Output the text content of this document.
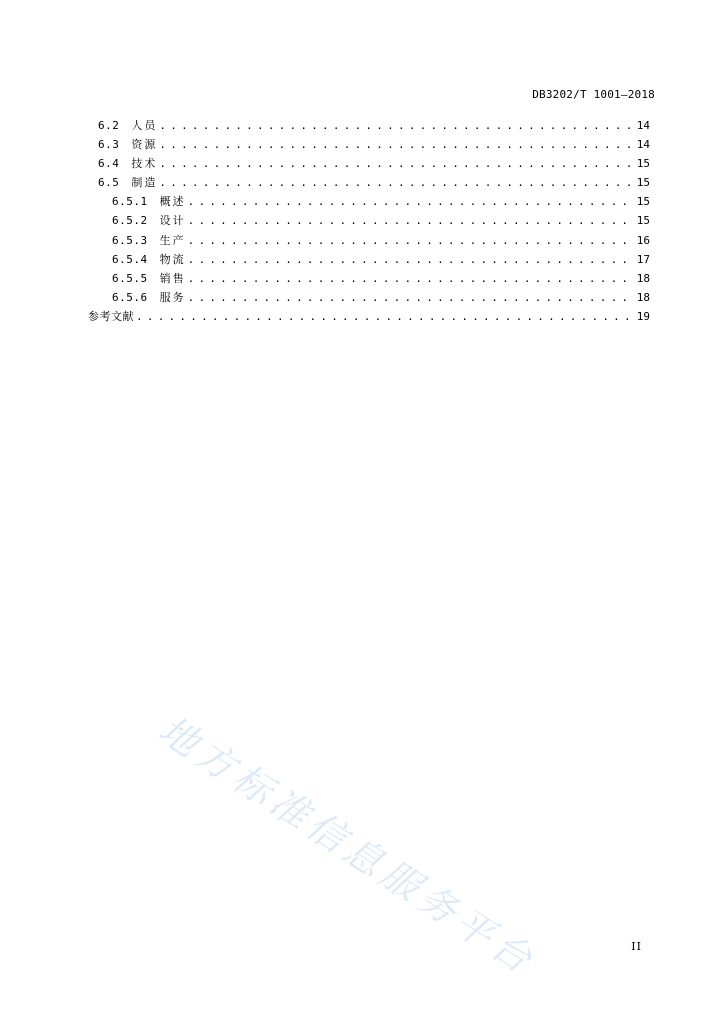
DB3202/T 1001—2018
6.2 人员 . . .	14
6.3 资源 . . .	14
6.4 技术 . . .	15
6.5 制造 . . .	15
6.5.1 概述 . . .	15
6.5.2 设计 . . .	15
6.5.3 生产 . . .	16
6.5.4 物流 . . .	17
6.5.5 销售 . . .	18
6.5.6 服务 . . .	18
参考文献 . . .	19
地方标准信息服务平台	II
